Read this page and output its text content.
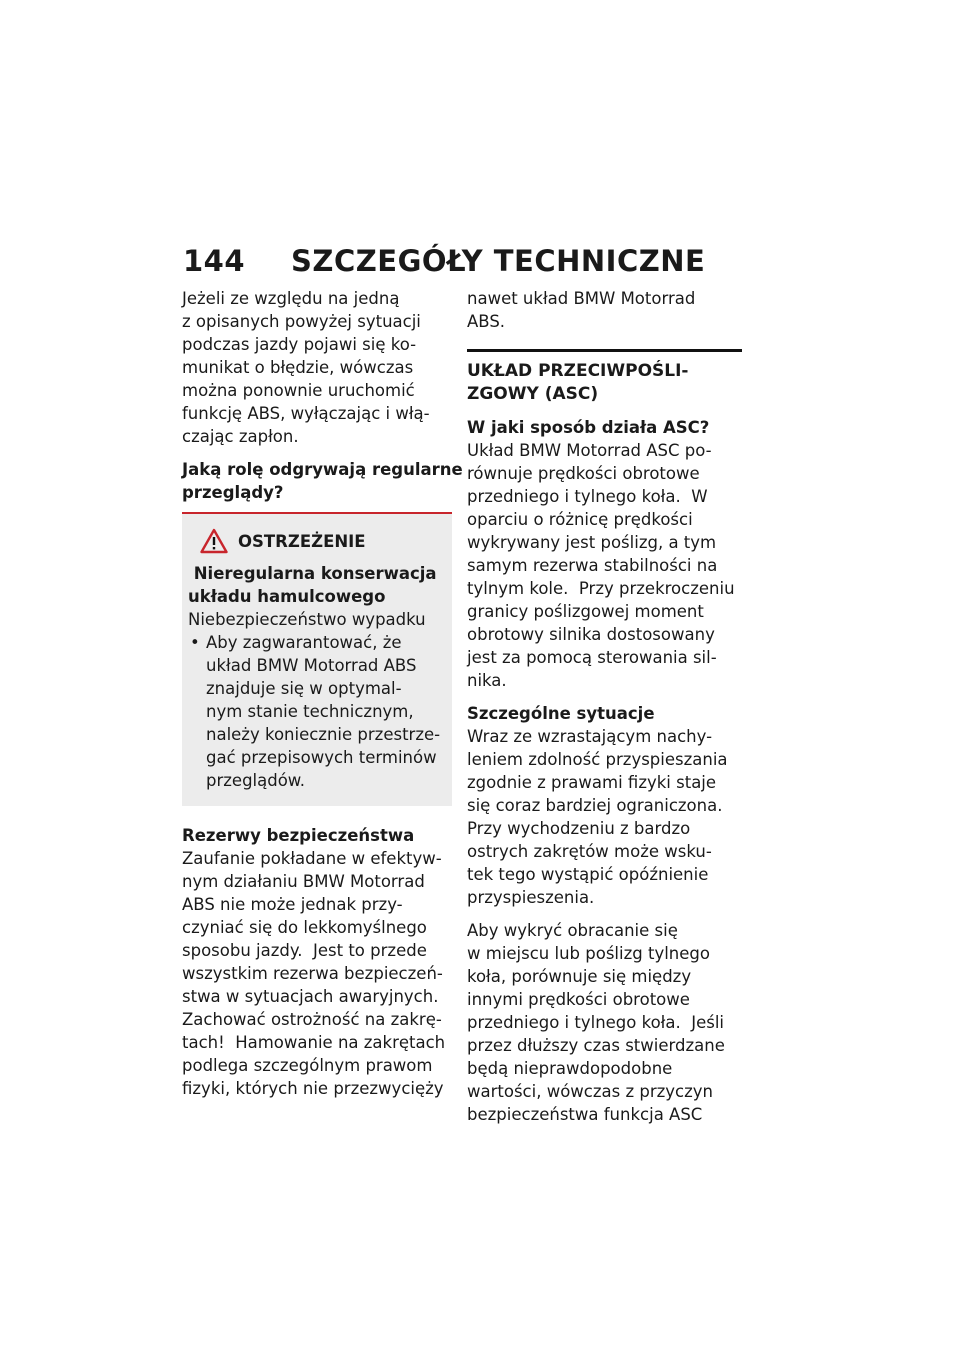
144 SZCZEGÓŁY TECHNICZNE

Jeżeli ze względu na jedną
z opisanych powyżej sytuacji
podczas jazdy pojawi się ko-
munikat o błędzie, wówczas
można ponownie uruchomić
funkcję ABS, wyłączając i włą-
czając zapłon.

Jaką rolę odgrywają regularne
przeglądy?

OSTRZEŻENIE

Nieregularna konserwacja
układu hamulcowego

Niebezpieczeństwo wypadku

• Aby zagwarantować, że
układ BMW Motorrad ABS
znajduje się w optymal-
nym stanie technicznym,
należy koniecznie przestrze-
gać przepisowych terminów
przeglądów.

Rezerwy bezpieczeństwa

Zaufanie pokładane w efektyw-
nym działaniu BMW Motorrad
ABS nie może jednak przy-
czyniać się do lekkomyślnego
sposobu jazdy.  Jest to przede
wszystkim rezerwa bezpieczeń-
stwa w sytuacjach awaryjnych.
Zachować ostrożność na zakrę-
tach!  Hamowanie na zakrętach
podlega szczególnym prawom
fizyki, których nie przezwycięży

nawet układ BMW Motorrad
ABS.

UKŁAD PRZECIWPOŚLI-
ZGOWY (ASC)

W jaki sposób działa ASC?

Układ BMW Motorrad ASC po-
równuje prędkości obrotowe
przedniego i tylnego koła.  W
oparciu o różnicę prędkości
wykrywany jest poślizg, a tym
samym rezerwa stabilności na
tylnym kole.  Przy przekroczeniu
granicy poślizgowej moment
obrotowy silnika dostosowany
jest za pomocą sterowania sil-
nika.

Szczególne sytuacje

Wraz ze wzrastającym nachy-
leniem zdolność przyspieszania
zgodnie z prawami fizyki staje
się coraz bardziej ograniczona.
Przy wychodzeniu z bardzo
ostrych zakrętów może wsku-
tek tego wystąpić opóźnienie
przyspieszenia.

Aby wykryć obracanie się
w miejscu lub poślizg tylnego
koła, porównuje się między
innymi prędkości obrotowe
przedniego i tylnego koła.  Jeśli
przez dłuższy czas stwierdzane
będą nieprawdopodobne
wartości, wówczas z przyczyn
bezpieczeństwa funkcja ASC
